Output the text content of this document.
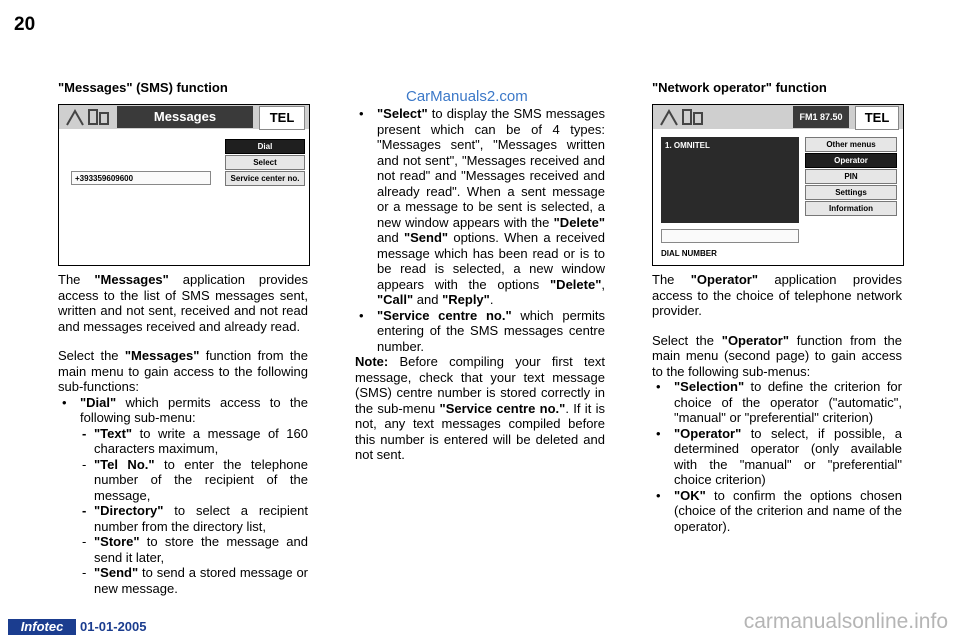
20
CarManuals2.com
"Messages" (SMS) function
Messages	TEL
Dial
Select
Service center no.
+393359609600

The "Messages" application provides access to the list of SMS messages sent, written and not sent, received and not read and messages received and already read.

Select the "Messages" function from the main menu to gain access to the following sub-functions:

• "Dial" which permits access to the following sub-menu:
- "Text" to write a message of 160 characters maximum,
- "Tel No." to enter the telephone number of the recipient of the message,
- "Directory" to select a recipient number from the directory list,
- "Store" to store the message and send it later,
- "Send" to send a stored message or new message.
• "Select" to display the SMS messages present which can be of 4 types: "Messages sent", "Messages written and not sent", "Messages received and not read" and "Messages received and already read". When a sent message or a message to be sent is selected, a new window appears with the "Delete" and "Send" options. When a received message which has been read or is to be read is selected, a new window appears with the options "Delete", "Call" and "Reply".
• "Service centre no." which permits entering of the SMS messages centre number.

Note: Before compiling your first text message, check that your text message (SMS) centre number is stored correctly in the sub-menu "Service centre no.". If it is not, any text messages compiled before this number is entered will be deleted and not sent.

"Network operator" function
FM1 87.50	TEL
1. OMNITEL	Other menus
Operator
PIN
Settings
Information
DIAL NUMBER

The "Operator" application provides access to the choice of telephone network provider.

Select the "Operator" function from the main menu (second page) to gain access to the following sub-menus:

• "Selection" to define the criterion for choice of the operator ("automatic", "manual" or "preferential" criterion)
• "Operator" to select, if possible, a determined operator (only available with the "manual" or "preferential" choice criterion)
• "OK" to confirm the options chosen (choice of the criterion and name of the operator).
Infotec	01-01-2005	carmanualsonline.info
